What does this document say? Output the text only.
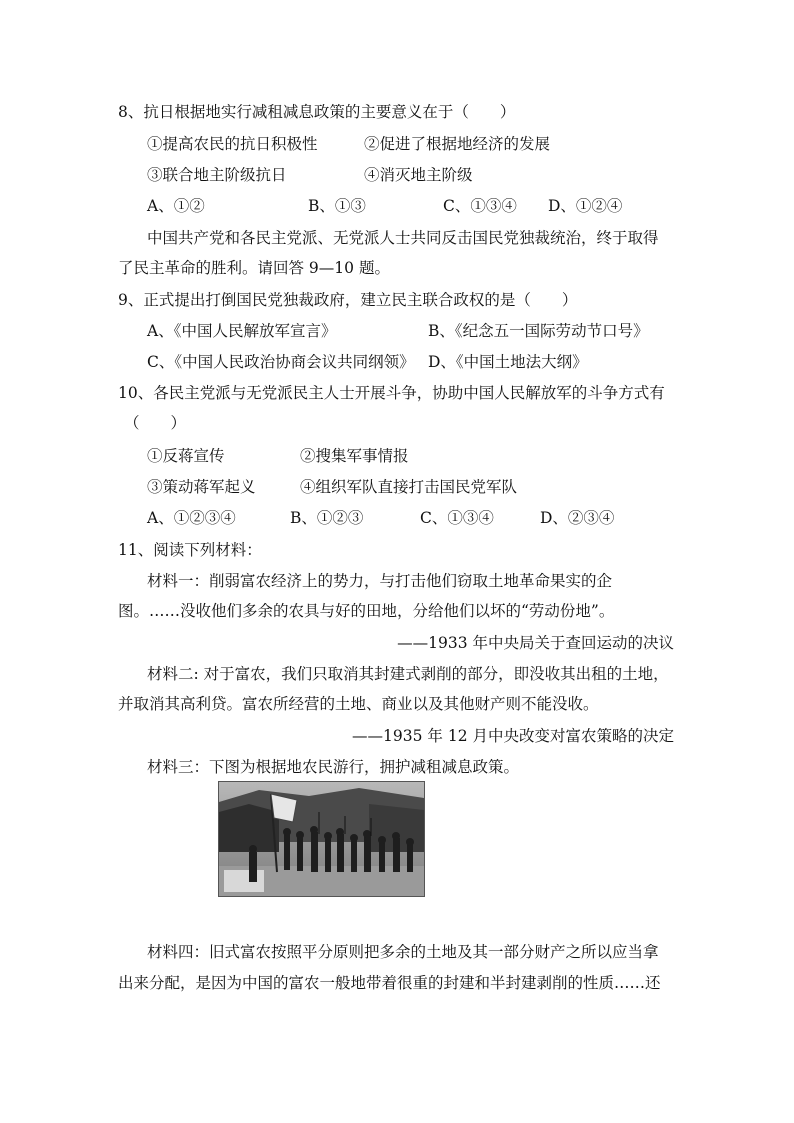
8、抗日根据地实行减租减息政策的主要意义在于（　　）
①提高农民的抗日积极性	②促进了根据地经济的发展
③联合地主阶级抗日	④消灭地主阶级
A、①②	B、①③	C、①③④ D、①②④
中国共产党和各民主党派、无党派人士共同反击国民党独裁统治，终于取得
了民主革命的胜利。请回答 9—10 题。
9、正式提出打倒国民党独裁政府，建立民主联合政权的是（　　）
A、《中国人民解放军宣言》	B、《纪念五一国际劳动节口号》
C、《中国人民政治协商会议共同纲领》 D、《中国土地法大纲》
10、各民主党派与无党派民主人士开展斗争，协助中国人民解放军的斗争方式有
（　　）
①反蒋宣传	②搜集军事情报
③策动蒋军起义	④组织军队直接打击国民党军队
A、①②③④	B、①②③	C、①③④	D、②③④
11、阅读下列材料：
材料一：削弱富农经济上的势力，与打击他们窃取土地革命果实的企
图。……没收他们多余的农具与好的田地，分给他们以坏的“劳动份地”。
——1933 年中央局关于查回运动的决议
材料二: 对于富农，我们只取消其封建式剥削的部分，即没收其出租的土地，
并取消其高利贷。富农所经营的土地、商业以及其他财产则不能没收。
——1935 年 12 月中央改变对富农策略的决定
材料三：下图为根据地农民游行，拥护减租减息政策。
材料四：旧式富农按照平分原则把多余的土地及其一部分财产之所以应当拿
出来分配，是因为中国的富农一般地带着很重的封建和半封建剥削的性质……还
